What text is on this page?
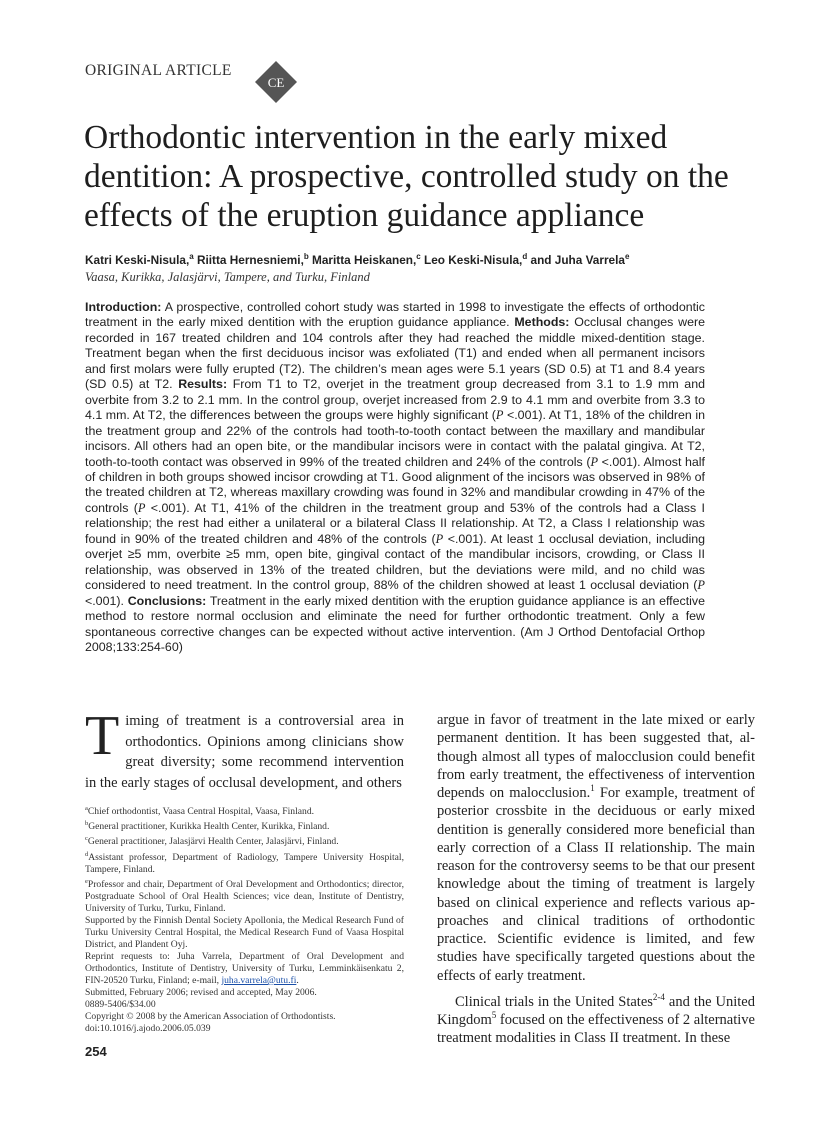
ORIGINAL ARTICLE
CE
Orthodontic intervention in the early mixed dentition: A prospective, controlled study on the effects of the eruption guidance appliance
Katri Keski-Nisula,$^a$ Riitta Hernesniemi,$^b$ Maritta Heiskanen,$^c$ Leo Keski-Nisula,$^d$ and Juha Varrela$^e$
Vaasa, Kurikka, Jalasjärvi, Tampere, and Turku, Finland

Introduction: A prospective, controlled cohort study was started in 1998 to investigate the effects of orthodontic treatment in the early mixed dentition with the eruption guidance appliance. Methods: Occlusal changes were recorded in 167 treated children and 104 controls after they had reached the middle mixed-dentition stage. Treatment began when the first deciduous incisor was exfoliated (T1) and ended when all permanent incisors and first molars were fully erupted (T2). The children’s mean ages were 5.1 years (SD 0.5) at T1 and 8.4 years (SD 0.5) at T2. Results: From T1 to T2, overjet in the treatment group decreased from 3.1 to 1.9 mm and overbite from 3.2 to 2.1 mm. In the control group, overjet increased from 2.9 to 4.1 mm and overbite from 3.3 to 4.1 mm. At T2, the differences between the groups were highly significant (P <.001). At T1, 18% of the children in the treatment group and 22% of the controls had tooth-to-tooth contact between the maxillary and mandibular incisors. All others had an open bite, or the mandibular incisors were in contact with the palatal gingiva. At T2, tooth-to-tooth contact was observed in 99% of the treated children and 24% of the controls (P <.001). Almost half of children in both groups showed incisor crowding at T1. Good alignment of the incisors was observed in 98% of the treated children at T2, whereas maxillary crowding was found in 32% and mandibular crowding in 47% of the controls (P <.001). At T1, 41% of the children in the treatment group and 53% of the controls had a Class I relationship; the rest had either a unilateral or a bilateral Class II relationship. At T2, a Class I relationship was found in 90% of the treated children and 48% of the controls (P <.001). At least 1 occlusal deviation, including overjet ≥5 mm, overbite ≥5 mm, open bite, gingival contact of the mandibular incisors, crowding, or Class II relationship, was observed in 13% of the treated children, but the deviations were mild, and no child was considered to need treatment. In the control group, 88% of the children showed at least 1 occlusal deviation (P <.001). Conclusions: Treatment in the early mixed dentition with the eruption guidance appliance is an effective method to restore normal occlusion and eliminate the need for further orthodontic treatment. Only a few spontaneous corrective changes can be expected without active intervention. (Am J Orthod Dentofacial Orthop 2008;133:254-60)

Timing of treatment is a controversial area in orthodontics. Opinions among clinicians show great diversity; some recommend intervention in the early stages of occlusal development, and others

$^a$Chief orthodontist, Vaasa Central Hospital, Vaasa, Finland.

$^b$General practitioner, Kurikka Health Center, Kurikka, Finland.

$^c$General practitioner, Jalasjärvi Health Center, Jalasjärvi, Finland.

$^d$Assistant professor, Department of Radiology, Tampere University Hospital, Tampere, Finland.

$^e$Professor and chair, Department of Oral Development and Orthodontics; director, Postgraduate School of Oral Health Sciences; vice dean, Institute of Dentistry, University of Turku, Turku, Finland.

Supported by the Finnish Dental Society Apollonia, the Medical Research Fund of Turku University Central Hospital, the Medical Research Fund of Vaasa Hospital District, and Plandent Oyj.

Reprint requests to: Juha Varrela, Department of Oral Development and Orthodontics, Institute of Dentistry, University of Turku, Lemminkäisenkatu 2, FIN-20520 Turku, Finland; e-mail, juha.varrela@utu.fi.

Submitted, February 2006; revised and accepted, May 2006.

0889-5406/$34.00

Copyright © 2008 by the American Association of Orthodontists.

doi:10.1016/j.ajodo.2006.05.039

254

argue in favor of treatment in the late mixed or early permanent dentition. It has been suggested that, al-though almost all types of malocclusion could benefit from early treatment, the effectiveness of intervention depends on malocclusion.$^1$ For example, treatment of posterior crossbite in the deciduous or early mixed dentition is generally considered more beneficial than early correction of a Class II relationship. The main reason for the controversy seems to be that our present knowledge about the timing of treatment is largely based on clinical experience and reflects various ap-proaches and clinical traditions of orthodontic practice. Scientific evidence is limited, and few studies have specifically targeted questions about the effects of early treatment.

Clinical trials in the United States$^{2-4}$ and the United Kingdom$^5$ focused on the effectiveness of 2 alternative treatment modalities in Class II treatment. In these
